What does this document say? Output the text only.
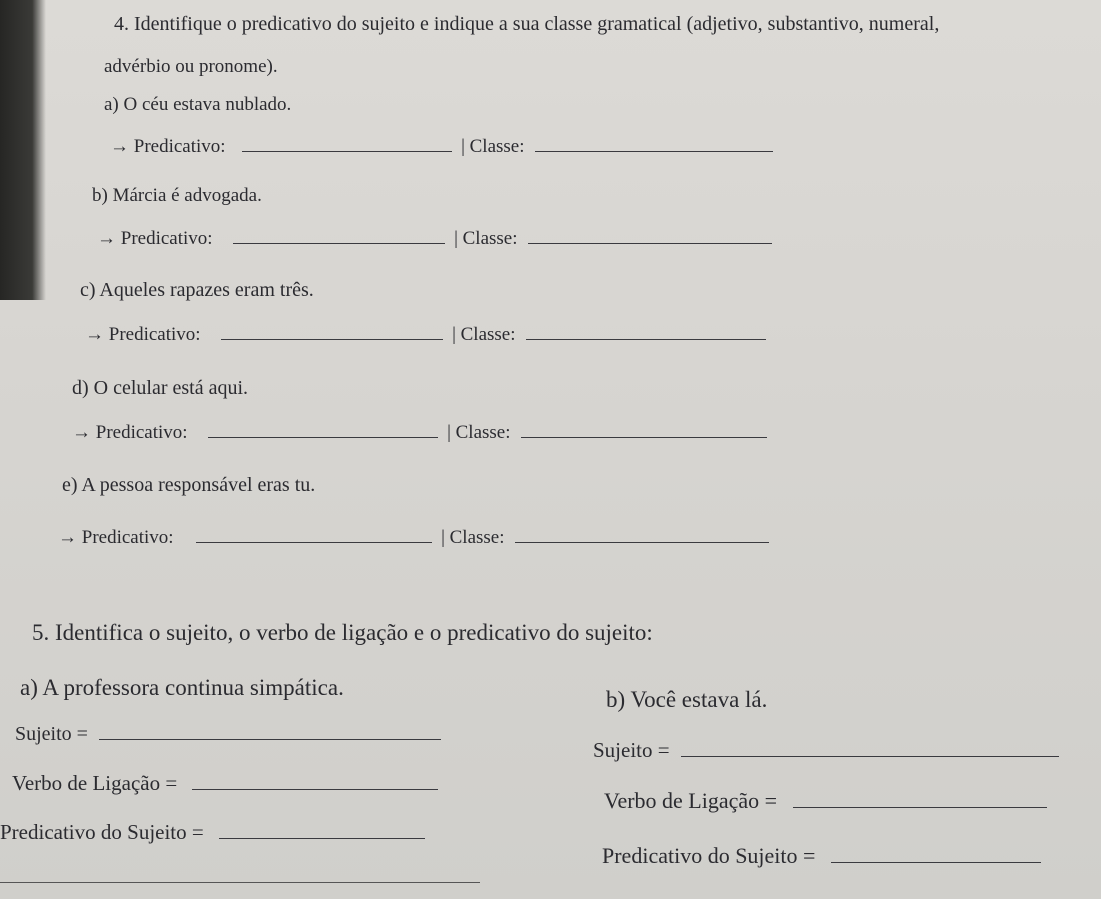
4. Identifique o predicativo do sujeito e indique a sua classe gramatical (adjetivo, substantivo, numeral,
advérbio ou pronome).
a) O céu estava nublado.
→ Predicativo:	| Classe:
b) Márcia é advogada.
→ Predicativo:	| Classe:
c) Aqueles rapazes eram três.
→ Predicativo:	| Classe:
d) O celular está aqui.
→ Predicativo:	| Classe:
e) A pessoa responsável eras tu.
→ Predicativo:	| Classe:
5. Identifica o sujeito, o verbo de ligação e o predicativo do sujeito:
a) A professora continua simpática.	b) Você estava lá.
Sujeito =
Verbo de Ligação =
Predicativo do Sujeito =
Sujeito =
Verbo de Ligação =
Predicativo do Sujeito =
